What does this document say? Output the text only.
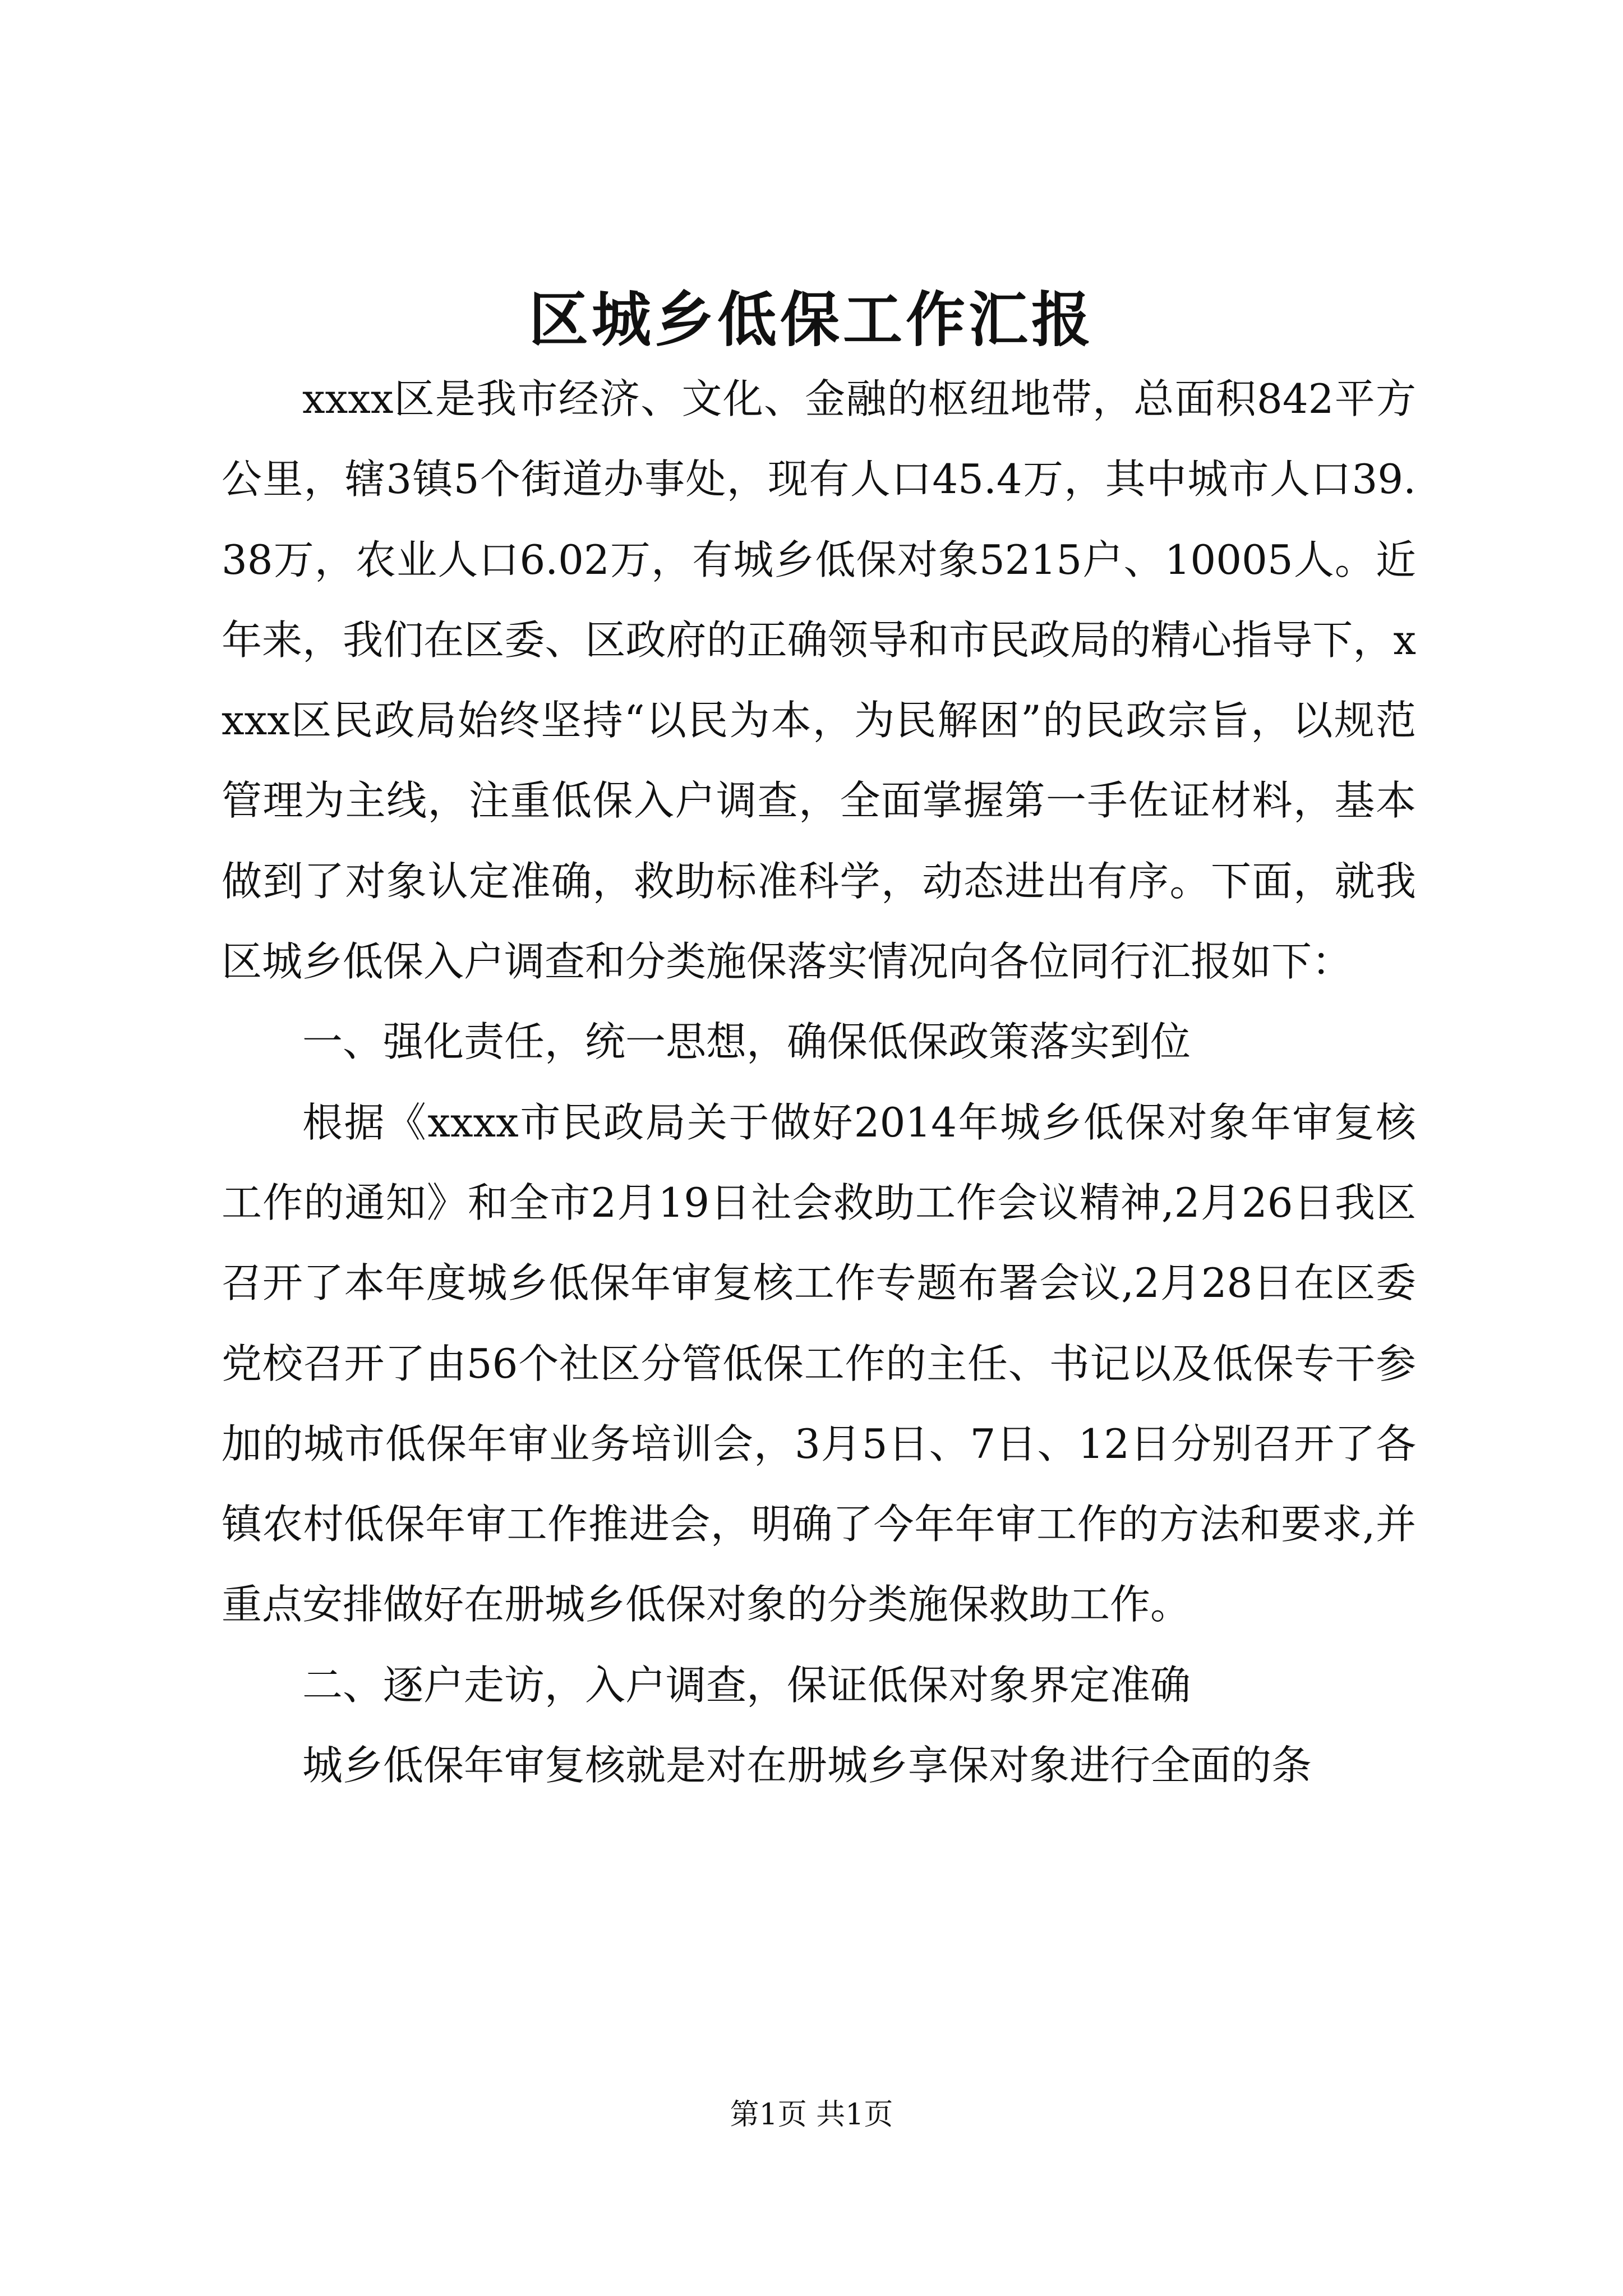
区城乡低保工作汇报

xxxx区是我市经济、文化、金融的枢纽地带，总面积842平方公里，辖3镇5个街道办事处，现有人口45.4万，其中城市人口39.38万，农业人口6.02万，有城乡低保对象5215户、10005人。近年来，我们在区委、区政府的正确领导和市民政局的精心指导下，xxxx区民政局始终坚持“以民为本，为民解困”的民政宗旨，以规范管理为主线，注重低保入户调查，全面掌握第一手佐证材料，基本做到了对象认定准确，救助标准科学，动态进出有序。下面，就我区城乡低保入户调查和分类施保落实情况向各位同行汇报如下：

一、强化责任，统一思想，确保低保政策落实到位

根据《xxxx市民政局关于做好2014年城乡低保对象年审复核工作的通知》和全市2月19日社会救助工作会议精神,2月26日我区召开了本年度城乡低保年审复核工作专题布署会议,2月28日在区委党校召开了由56个社区分管低保工作的主任、书记以及低保专干参加的城市低保年审业务培训会，3月5日、7日、12日分别召开了各镇农村低保年审工作推进会，明确了今年年审工作的方法和要求,并重点安排做好在册城乡低保对象的分类施保救助工作。

二、逐户走访，入户调查，保证低保对象界定准确

城乡低保年审复核就是对在册城乡享保对象进行全面的条

第1页 共1页
